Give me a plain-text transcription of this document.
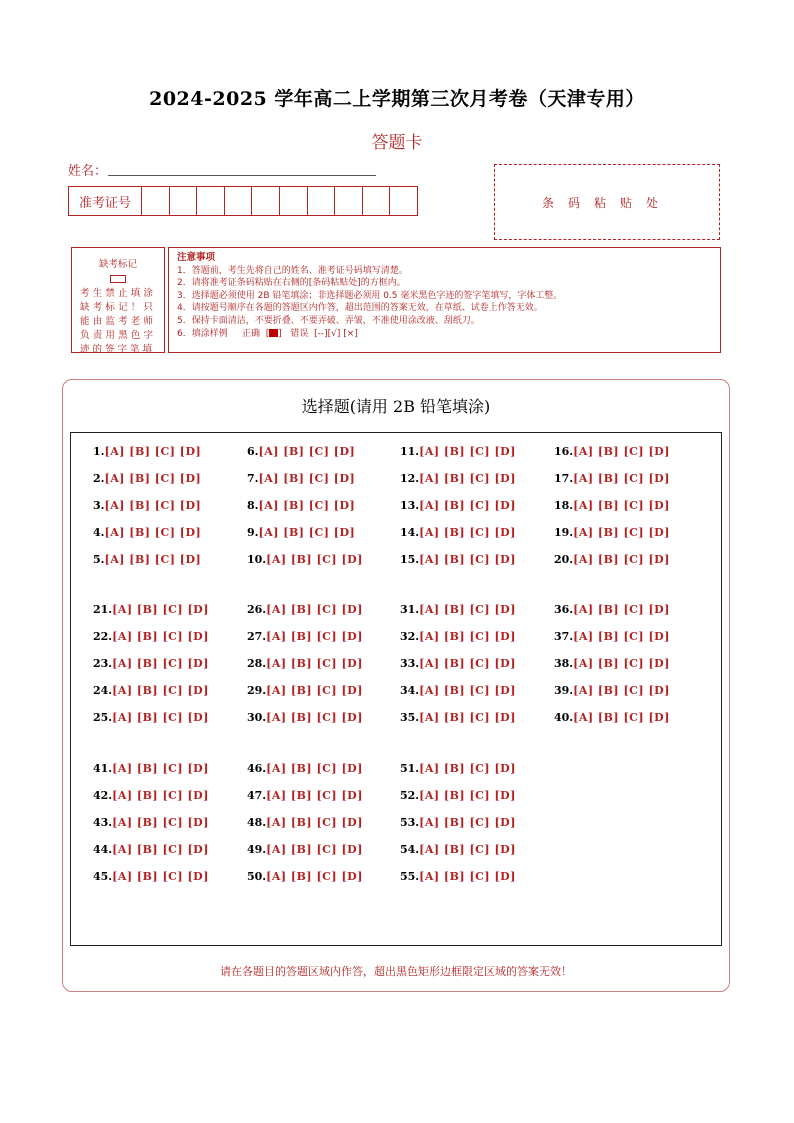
2024-2025 学年高二上学期第三次月考卷（天津专用）
答题卡
姓名：
准考证号	条码粘贴处
缺考标记
考生禁止填涂缺考标记！只能由监考老师负责用黑色字迹的签字笔填
注意事项
1．答题前，考生先将自己的姓名、准考证号码填写清楚。
2．请将准考证条码粘贴在右侧的[条码粘贴处]的方框内。
3．选择题必须使用 2B 铅笔填涂；非选择题必须用 0.5 毫米黑色字迹的签字笔填写，字体工整。
4．请按题号顺序在各题的答题区内作答，超出范围的答案无效，在草纸、试卷上作答无效。
5．保持卡面清洁，不要折叠、不要弄破、弄皱，不准使用涂改液、刮纸刀。
6．填涂样例 正确  [ ]   错误 [--][√] [×]
选择题(请用 2B 铅笔填涂)
1.[A] [B] [C] [D]
2.[A] [B] [C] [D]
3.[A] [B] [C] [D]
4.[A] [B] [C] [D]
5.[A] [B] [C] [D]
6.[A] [B] [C] [D]
7.[A] [B] [C] [D]
8.[A] [B] [C] [D]
9.[A] [B] [C] [D]
10.[A] [B] [C] [D]
11.[A] [B] [C] [D]
12.[A] [B] [C] [D]
13.[A] [B] [C] [D]
14.[A] [B] [C] [D]
15.[A] [B] [C] [D]
16.[A] [B] [C] [D]
17.[A] [B] [C] [D]
18.[A] [B] [C] [D]
19.[A] [B] [C] [D]
20.[A] [B] [C] [D]
21.[A] [B] [C] [D]
22.[A] [B] [C] [D]
23.[A] [B] [C] [D]
24.[A] [B] [C] [D]
25.[A] [B] [C] [D]
26.[A] [B] [C] [D]
27.[A] [B] [C] [D]
28.[A] [B] [C] [D]
29.[A] [B] [C] [D]
30.[A] [B] [C] [D]
31.[A] [B] [C] [D]
32.[A] [B] [C] [D]
33.[A] [B] [C] [D]
34.[A] [B] [C] [D]
35.[A] [B] [C] [D]
36.[A] [B] [C] [D]
37.[A] [B] [C] [D]
38.[A] [B] [C] [D]
39.[A] [B] [C] [D]
40.[A] [B] [C] [D]
41.[A] [B] [C] [D]
42.[A] [B] [C] [D]
43.[A] [B] [C] [D]
44.[A] [B] [C] [D]
45.[A] [B] [C] [D]
46.[A] [B] [C] [D]
47.[A] [B] [C] [D]
48.[A] [B] [C] [D]
49.[A] [B] [C] [D]
50.[A] [B] [C] [D]
51.[A] [B] [C] [D]
52.[A] [B] [C] [D]
53.[A] [B] [C] [D]
54.[A] [B] [C] [D]
55.[A] [B] [C] [D]
请在各题目的答题区域内作答，超出黑色矩形边框限定区域的答案无效！
